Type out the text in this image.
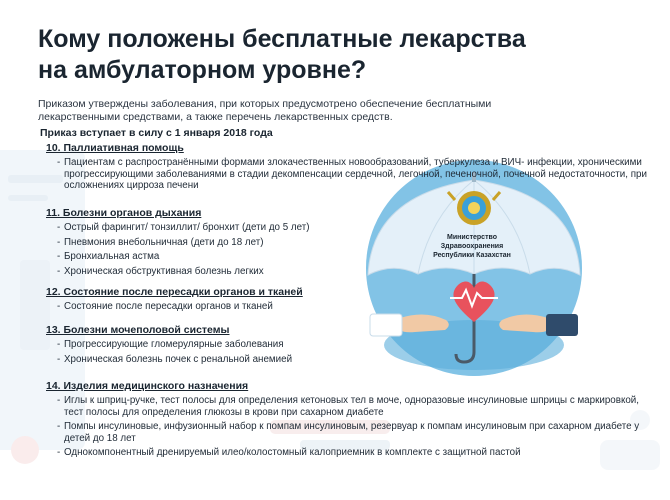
Кому положены бесплатные лекарства
на амбулаторном уровне?
Приказом утверждены заболевания, при которых предусмотрено обеспечение бесплатными лекарственными средствами, а также перечень лекарственных средств.
Приказ вступает в силу с 1 января 2018 года
10. Паллиативная помощь
- Пациентам с распространёнными формами злокачественных новообразований, туберкулеза и ВИЧ- инфекции, хроническими прогрессирующими заболеваниями в стадии декомпенсации сердечной, легочной, печеночной, почечной недостаточности, при осложнениях цирроза печени
11. Болезни органов дыхания
- Острый фарингит/ тонзиллит/ бронхит (дети до 5 лет)
- Пневмония внебольничная (дети до 18 лет)
- Бронхиальная астма
- Хроническая обструктивная болезнь легких
12. Состояние после пересадки органов и тканей
- Состояние после пересадки органов и тканей
13. Болезни мочеполовой системы
- Прогрессирующие гломерулярные заболевания
- Хроническая болезнь почек с ренальной анемией
14. Изделия медицинского назначения
- Иглы к шприц-ручке, тест полосы для определения кетоновых тел в моче, одноразовые инсулиновые шприцы с маркировкой, тест полосы для определения глюкозы в крови при сахарном диабете
- Помпы инсулиновые, инфузионный набор к помпам инсулиновым, резервуар к помпам инсулиновым при сахарном диабете у детей до 18 лет
- Однокомпонентный дренируемый илео/колостомный калоприемник в комплекте с защитной пастой
Министерство Здравоохранения Республики Казахстан
